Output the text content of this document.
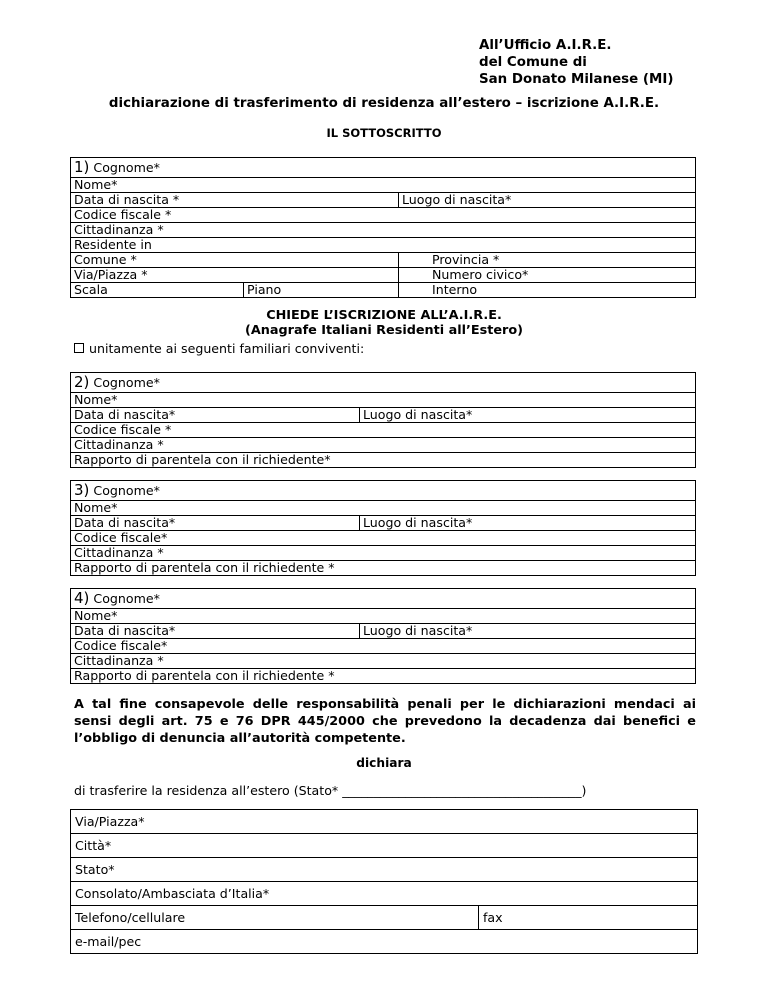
All’Ufficio A.I.R.E.
del Comune di
San Donato Milanese (MI)
dichiarazione di trasferimento di residenza all’estero – iscrizione A.I.R.E.
IL SOTTOSCRITTO
1) Cognome*		
Nome*		
Data di nascita *		Luogo di nascita*
Codice fiscale *		
Cittadinanza *		
Residente in		
Comune *		Provincia *
Via/Piazza *		Numero civico*
Scala	Piano	Interno
CHIEDE L’ISCRIZIONE ALL’A.I.R.E.
(Anagrafe Italiani Residenti all’Estero)
unitamente ai seguenti familiari conviventi:
2) Cognome*
Nome*
Data di nascita*	Luogo di nascita*
Codice fiscale *
Cittadinanza *
Rapporto di parentela con il richiedente*
3) Cognome*
Nome*
Data di nascita*	Luogo di nascita*
Codice fiscale*
Cittadinanza *
Rapporto di parentela con il richiedente *
4) Cognome*
Nome*
Data di nascita*	Luogo di nascita*
Codice fiscale*
Cittadinanza *
Rapporto di parentela con il richiedente *
A tal fine consapevole delle responsabilità penali per le dichiarazioni mendaci ai sensi degli art. 75 e 76 DPR 445/2000 che prevedono la decadenza dai benefici e l’obbligo di denuncia all’autorità competente.
dichiara
di trasferire la residenza all’estero (Stato* ______________________________________)
Via/Piazza*
Città*
Stato*
Consolato/Ambasciata d’Italia*
Telefono/cellulare	fax
e-mail/pec
